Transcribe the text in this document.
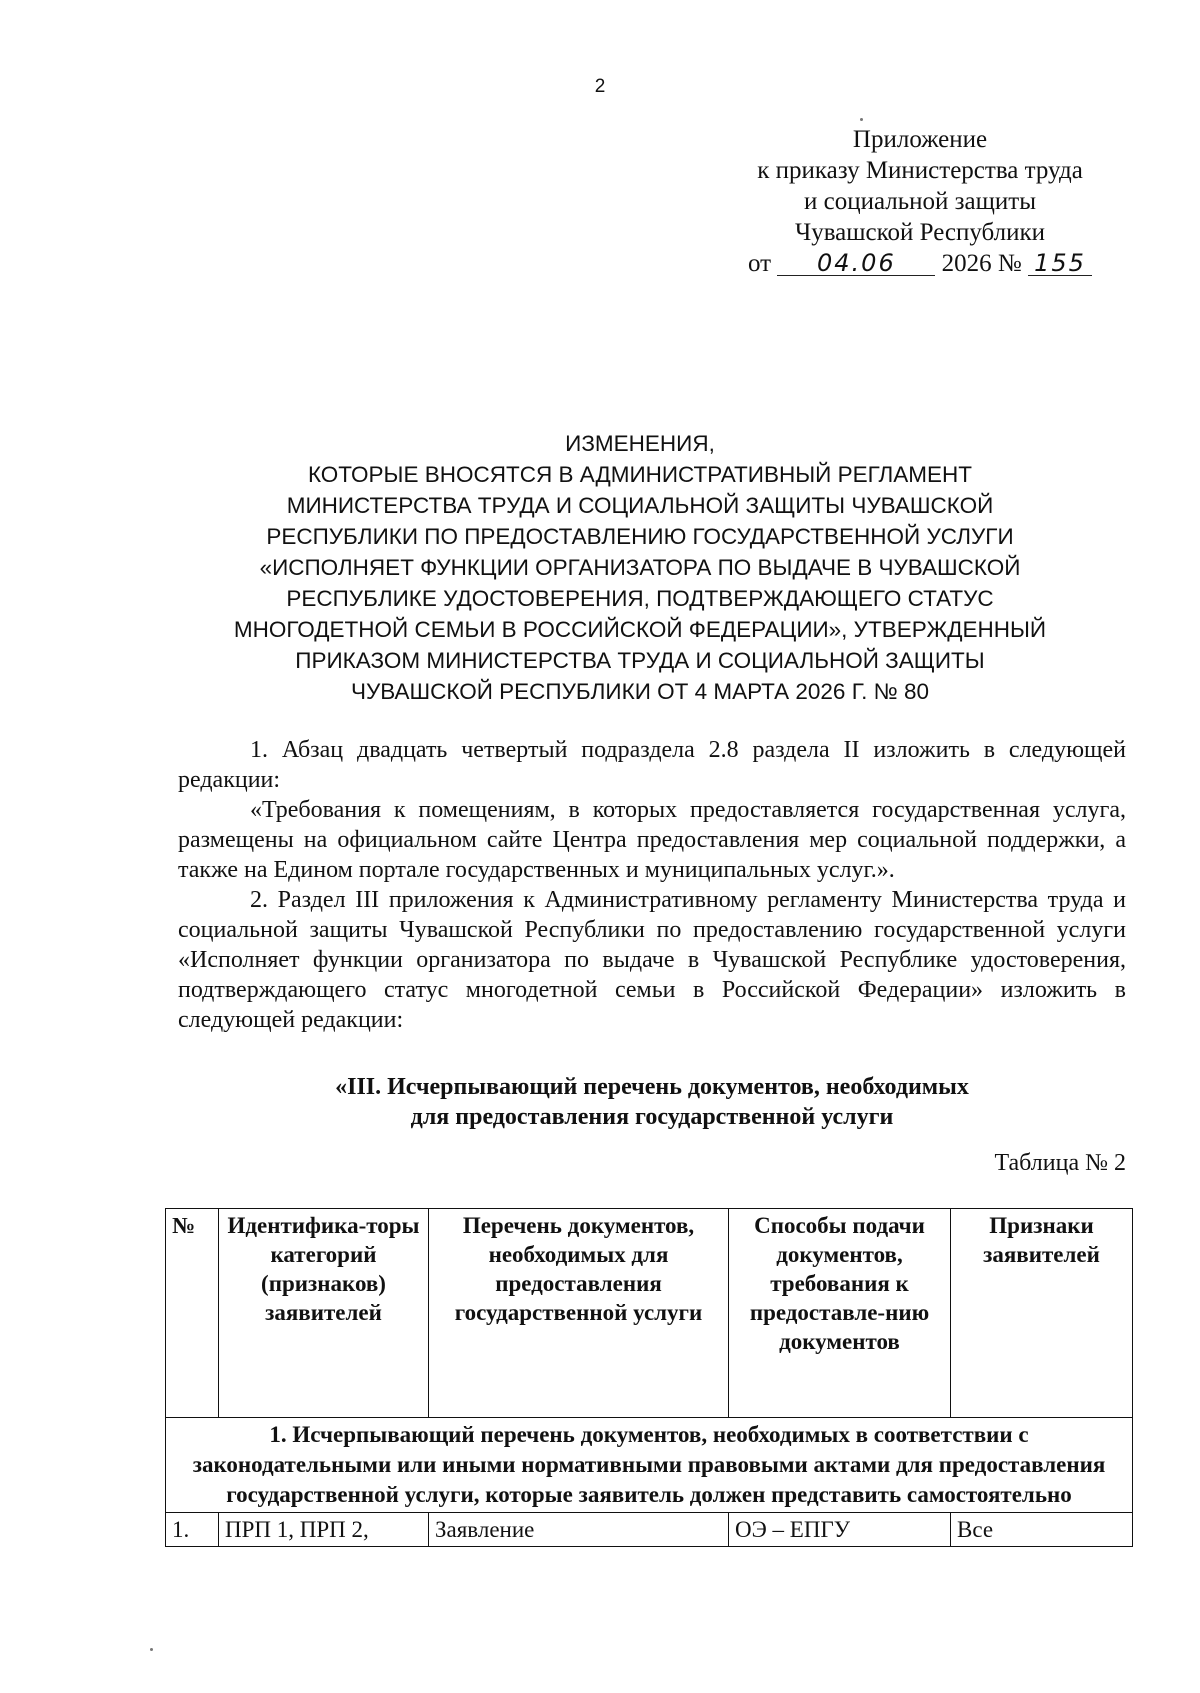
2
Приложение
к приказу Министерства труда
и социальной защиты
Чувашской Республики
от 04.06 2026 № 155
ИЗМЕНЕНИЯ,
КОТОРЫЕ ВНОСЯТСЯ В АДМИНИСТРАТИВНЫЙ РЕГЛАМЕНТ
МИНИСТЕРСТВА ТРУДА И СОЦИАЛЬНОЙ ЗАЩИТЫ ЧУВАШСКОЙ
РЕСПУБЛИКИ ПО ПРЕДОСТАВЛЕНИЮ ГОСУДАРСТВЕННОЙ УСЛУГИ
«ИСПОЛНЯЕТ ФУНКЦИИ ОРГАНИЗАТОРА ПО ВЫДАЧЕ В ЧУВАШСКОЙ
РЕСПУБЛИКЕ УДОСТОВЕРЕНИЯ, ПОДТВЕРЖДАЮЩЕГО СТАТУС
МНОГОДЕТНОЙ СЕМЬИ В РОССИЙСКОЙ ФЕДЕРАЦИИ», УТВЕРЖДЕННЫЙ
ПРИКАЗОМ МИНИСТЕРСТВА ТРУДА И СОЦИАЛЬНОЙ ЗАЩИТЫ
ЧУВАШСКОЙ РЕСПУБЛИКИ ОТ 4 МАРТА 2026 Г. № 80

1. Абзац двадцать четвертый подраздела 2.8 раздела II изложить в следующей редакции:

«Требования к помещениям, в которых предоставляется государственная услуга, размещены на официальном сайте Центра предоставления мер социальной поддержки, а также на Едином портале государственных и муниципальных услуг.».

2. Раздел III приложения к Административному регламенту Министерства труда и социальной защиты Чувашской Республики по предоставлению государственной услуги «Исполняет функции организатора по выдаче в Чувашской Республике удостоверения, подтверждающего статус многодетной семьи в Российской Федерации» изложить в следующей редакции:

«III. Исчерпывающий перечень документов, необходимых
для предоставления государственной услуги
Таблица № 2
№	Идентифика-торы категорий (признаков) заявителей	Перечень документов, необходимых для предоставления государственной услуги	Способы подачи документов, требования к предоставле-нию документов	Признаки заявителей
1. Исчерпывающий перечень документов, необходимых в соответствии с законодательными или иными нормативными правовыми актами для предоставления государственной услуги, которые заявитель должен представить самостоятельно				
1.	ПРП 1, ПРП 2,	Заявление	ОЭ – ЕПГУ	Все
